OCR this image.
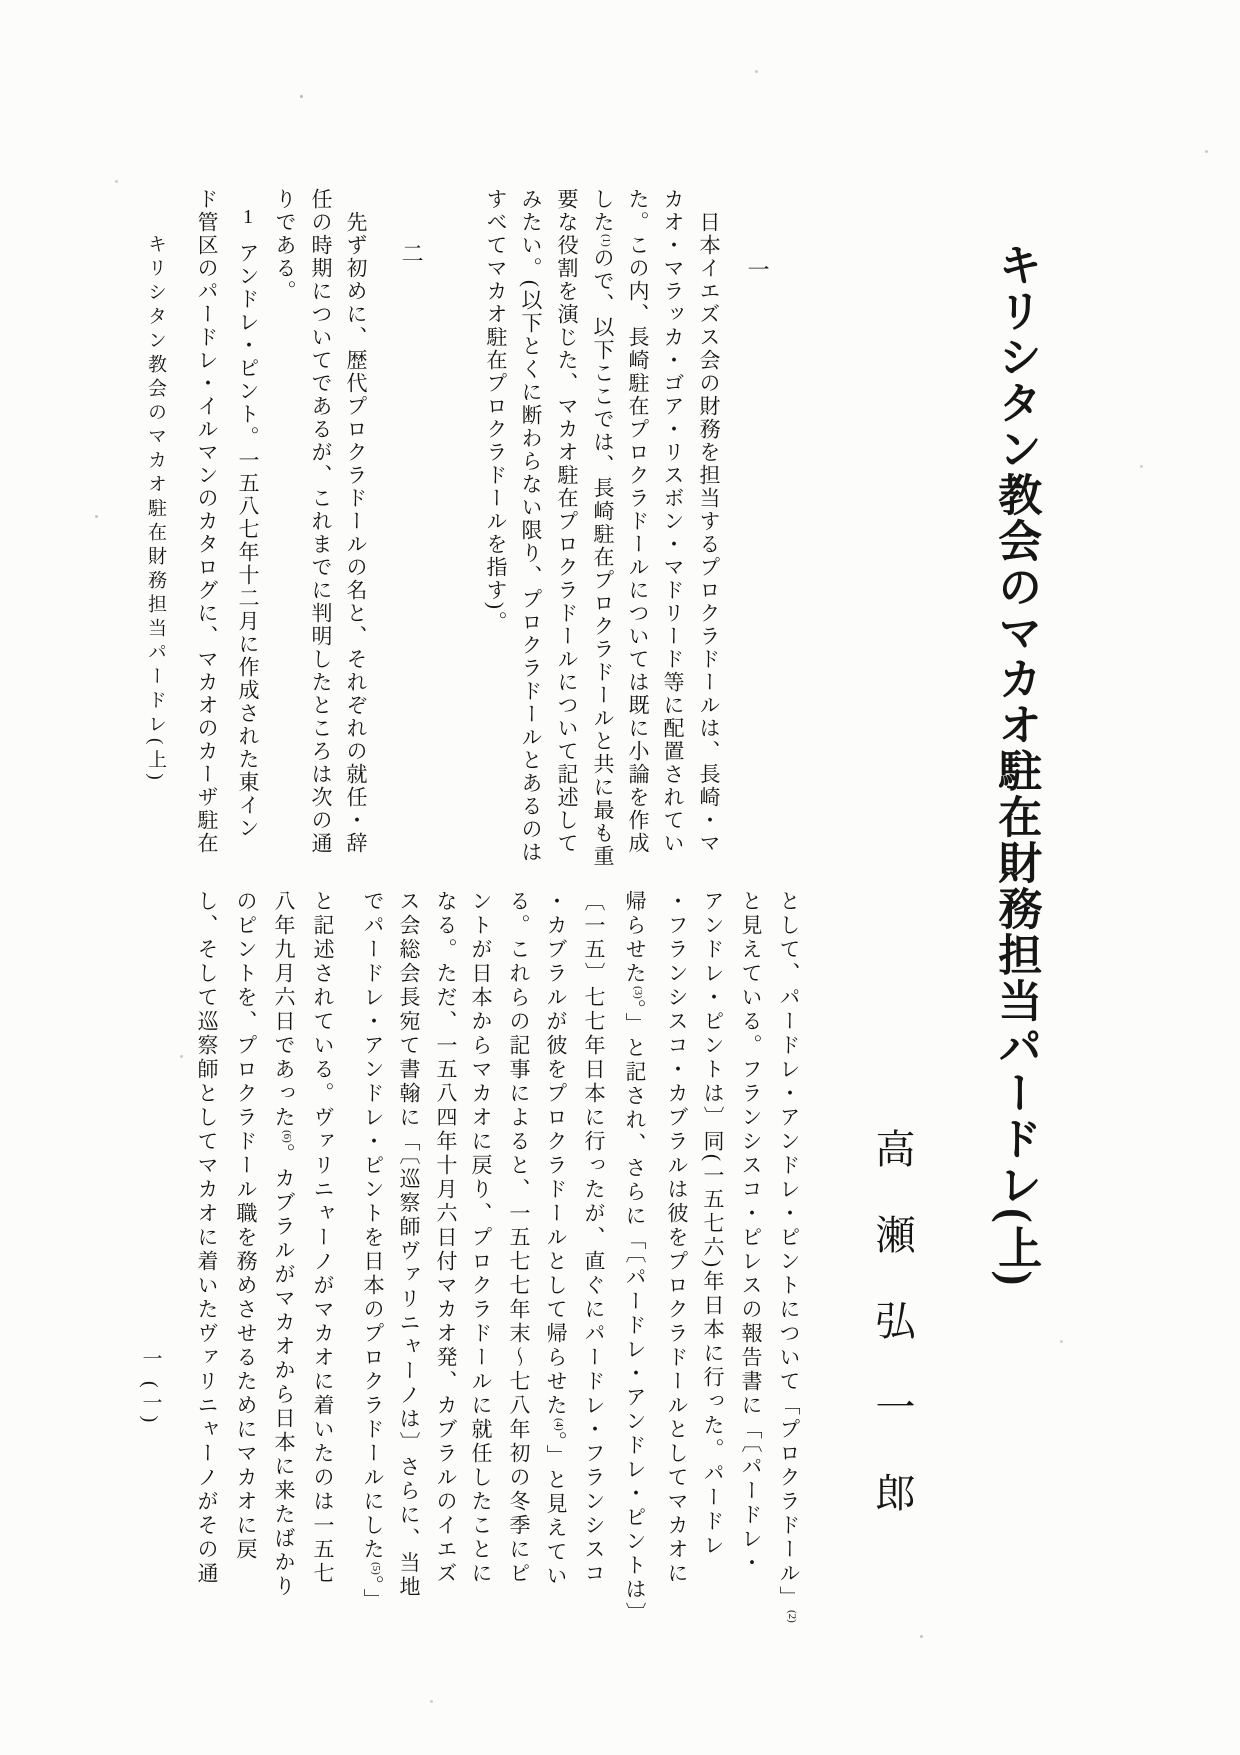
キリシタン教会のマカオ駐在財務担当パードレ(上)
高瀬弘一郎
一
日本イエズス会の財務を担当するプロクラドールは、長崎・マ
カオ・マラッカ・ゴア・リスボン・マドリード等に配置されてい
た。この内、長崎駐在プロクラドールについては既に小論を作成
した(1)ので、以下ここでは、長崎駐在プロクラドールと共に最も重
要な役割を演じた、マカオ駐在プロクラドールについて記述して
みたい。(以下とくに断わらない限り、プロクラドールとあるのは
すべてマカオ駐在プロクラドールを指す)。
二
先ず初めに、歴代プロクラドールの名と、それぞれの就任・辞
任の時期についてであるが、これまでに判明したところは次の通
りである。
1アンドレ・ピント。一五八七年十二月に作成された東イン
ド管区のパードレ・イルマンのカタログに、マカオのカーザ駐在
として、パードレ・アンドレ・ピントについて「プロクラドール」(2)
と見えている。フランシスコ・ピレスの報告書に「〔パードレ・
アンドレ・ピントは〕同(一五七六)年日本に行った。パードレ
・フランシスコ・カブラルは彼をプロクラドールとしてマカオに
帰らせた(3)。」と記され、さらに「〔パードレ・アンドレ・ピントは〕
〔一五〕七七年日本に行ったが、直ぐにパードレ・フランシスコ
・カブラルが彼をプロクラドールとして帰らせた(4)。」と見えてい
る。これらの記事によると、一五七七年末〜七八年初の冬季にピ
ントが日本からマカオに戻り、プロクラドールに就任したことに
なる。ただ、一五八四年十月六日付マカオ発、カブラルのイエズ
ス会総会長宛て書翰に「〔巡察師ヴァリニャーノは〕さらに、当地
でパードレ・アンドレ・ピントを日本のプロクラドールにした(5)。」
と記述されている。ヴァリニャーノがマカオに着いたのは一五七
八年九月六日であった(6)。カブラルがマカオから日本に来たばかり
のピントを、プロクラドール職を務めさせるためにマカオに戻
し、そして巡察師としてマカオに着いたヴァリニャーノがその通
キリシタン教会のマカオ駐在財務担当パードレ(上)
一 (一)
